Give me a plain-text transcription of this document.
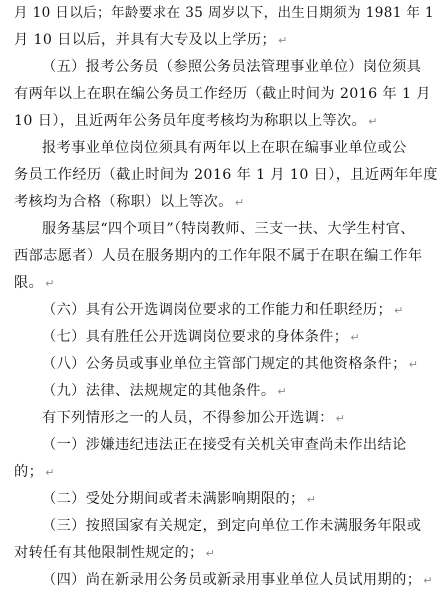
月 10 日以后；年龄要求在 35 周岁以下，出生日期须为 1981 年 1
月 10 日以后，并具有大专及以上学历； ↵
（五）报考公务员（参照公务员法管理事业单位）岗位须具
有两年以上在职在编公务员工作经历（截止时间为 2016 年 1 月
10 日），且近两年公务员年度考核均为称职以上等次。 ↵
报考事业单位岗位须具有两年以上在职在编事业单位或公
务员工作经历（截止时间为 2016 年 1 月 10 日），且近两年年度
考核均为合格（称职）以上等次。 ↵
服务基层“四个项目”（特岗教师、三支一扶、大学生村官、
西部志愿者）人员在服务期内的工作年限不属于在职在编工作年
限。 ↵
（六）具有公开选调岗位要求的工作能力和任职经历； ↵
（七）具有胜任公开选调岗位要求的身体条件； ↵
（八）公务员或事业单位主管部门规定的其他资格条件； ↵
（九）法律、法规规定的其他条件。 ↵
有下列情形之一的人员，不得参加公开选调： ↵
（一）涉嫌违纪违法正在接受有关机关审查尚未作出结论
的； ↵
（二）受处分期间或者未满影响期限的； ↵
（三）按照国家有关规定，到定向单位工作未满服务年限或
对转任有其他限制性规定的； ↵
（四）尚在新录用公务员或新录用事业单位人员试用期的； ↵
